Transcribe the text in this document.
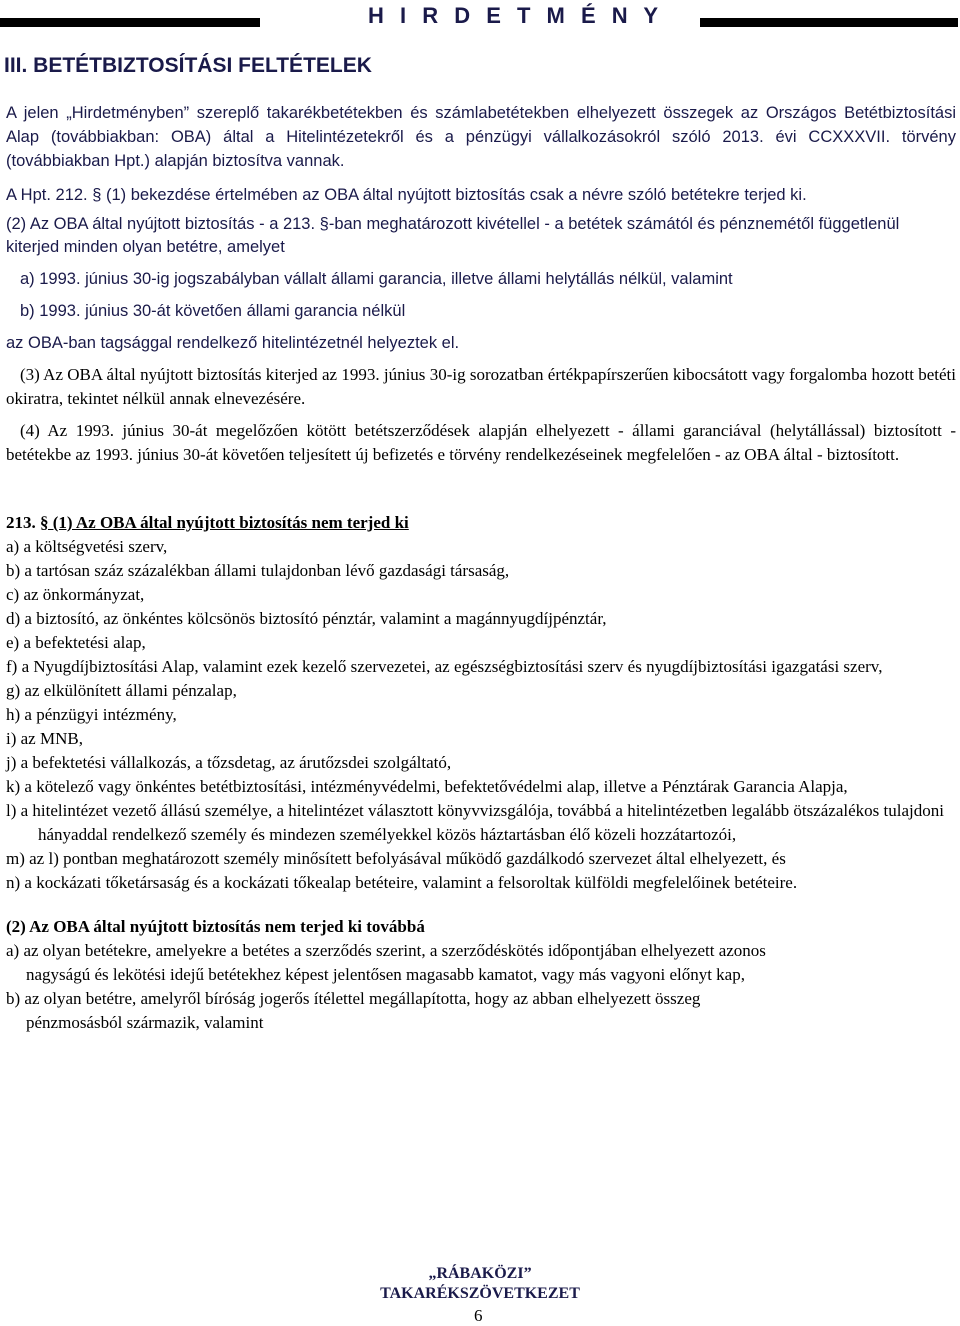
H I R D E T M É N Y
III. BETÉTBIZTOSÍTÁSI FELTÉTELEK

A jelen „Hirdetményben” szereplő takarékbetétekben és számlabetétekben elhelyezett összegek az Országos Betétbiztosítási Alap (továbbiakban: OBA) által a Hitelintézetekről és a pénzügyi vállalkozásokról szóló 2013. évi CCXXXVII. törvény (továbbiakban Hpt.) alapján biztosítva vannak.

A Hpt. 212. § (1) bekezdése értelmében az OBA által nyújtott biztosítás csak a névre szóló betétekre terjed ki.

(2) Az OBA által nyújtott biztosítás - a 213. §-ban meghatározott kivétellel - a betétek számától és pénznemétől függetlenül kiterjed minden olyan betétre, amelyet

a) 1993. június 30-ig jogszabályban vállalt állami garancia, illetve állami helytállás nélkül, valamint

b) 1993. június 30-át követően állami garancia nélkül

az OBA-ban tagsággal rendelkező hitelintézetnél helyeztek el.

(3) Az OBA által nyújtott biztosítás kiterjed az 1993. június 30-ig sorozatban értékpapírszerűen kibocsátott vagy forgalomba hozott betéti okiratra, tekintet nélkül annak elnevezésére.

(4) Az 1993. június 30-át megelőzően kötött betétszerződések alapján elhelyezett - állami garanciával (helytállással) biztosított - betétekbe az 1993. június 30-át követően teljesített új befizetés e törvény rendelkezéseinek megfelelően - az OBA által - biztosított.

213. § (1) Az OBA által nyújtott biztosítás nem terjed ki

a) a költségvetési szerv,

b) a tartósan száz százalékban állami tulajdonban lévő gazdasági társaság,

c) az önkormányzat,

d) a biztosító, az önkéntes kölcsönös biztosító pénztár, valamint a magánnyugdíjpénztár,

e) a befektetési alap,

f) a Nyugdíjbiztosítási Alap, valamint ezek kezelő szervezetei, az egészségbiztosítási szerv és nyugdíjbiztosítási igazgatási szerv,

g) az elkülönített állami pénzalap,

h) a pénzügyi intézmény,

i) az MNB,

j) a befektetési vállalkozás, a tőzsdetag, az árutőzsdei szolgáltató,

k) a kötelező vagy önkéntes betétbiztosítási, intézményvédelmi, befektetővédelmi alap, illetve a Pénztárak Garancia Alapja,

l) a hitelintézet vezető állású személye, a hitelintézet választott könyvvizsgálója, továbbá a hitelintézetben legalább ötszázalékos tulajdoni hányaddal rendelkező személy és mindezen személyekkel közös háztartásban élő közeli hozzátartozói,

m) az l) pontban meghatározott személy minősített befolyásával működő gazdálkodó szervezet által elhelyezett, és

n) a kockázati tőketársaság és a kockázati tőkealap betéteire, valamint a felsoroltak külföldi megfelelőinek betéteire.

(2) Az OBA által nyújtott biztosítás nem terjed ki továbbá

a) az olyan betétekre, amelyekre a betétes a szerződés szerint, a szerződéskötés időpontjában elhelyezett azonos nagyságú és lekötési idejű betétekhez képest jelentősen magasabb kamatot, vagy más vagyoni előnyt kap,

b) az olyan betétre, amelyről bíróság jogerős ítélettel megállapította, hogy az abban elhelyezett összeg pénzmosásból származik, valamint

„RÁBAKÖZI”
TAKARÉKSZÖVETKEZET
6
